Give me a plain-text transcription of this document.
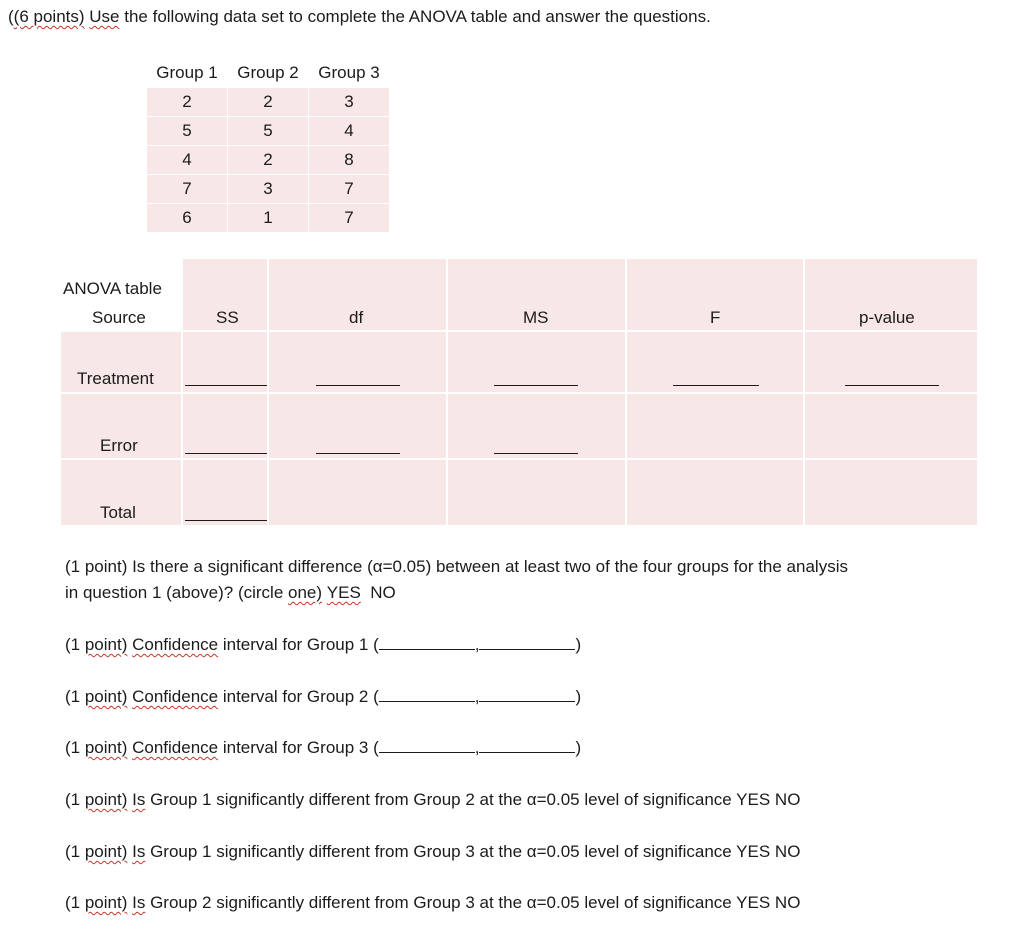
((6 points) Use the following data set to complete the ANOVA table and answer the questions.
Group 1	Group 2	Group 3
2	2	3
5	5	4
4	2	8
7	3	7
6	1	7
ANOVA table
Source	SS	df	MS	F	p-value
Treatment
Error
Total
(1 point) Is there a significant difference (α=0.05) between at least two of the four groups for the analysis
in question 1 (above)? (circle one) YES NO
(1 point) Confidence interval for Group 1 (	,	)
(1 point) Confidence interval for Group 2 (	,	)
(1 point) Confidence interval for Group 3 (	,	)
(1 point) Is Group 1 significantly different from Group 2 at the α=0.05 level of significance YES NO
(1 point) Is Group 1 significantly different from Group 3 at the α=0.05 level of significance YES NO
(1 point) Is Group 2 significantly different from Group 3 at the α=0.05 level of significance YES NO
